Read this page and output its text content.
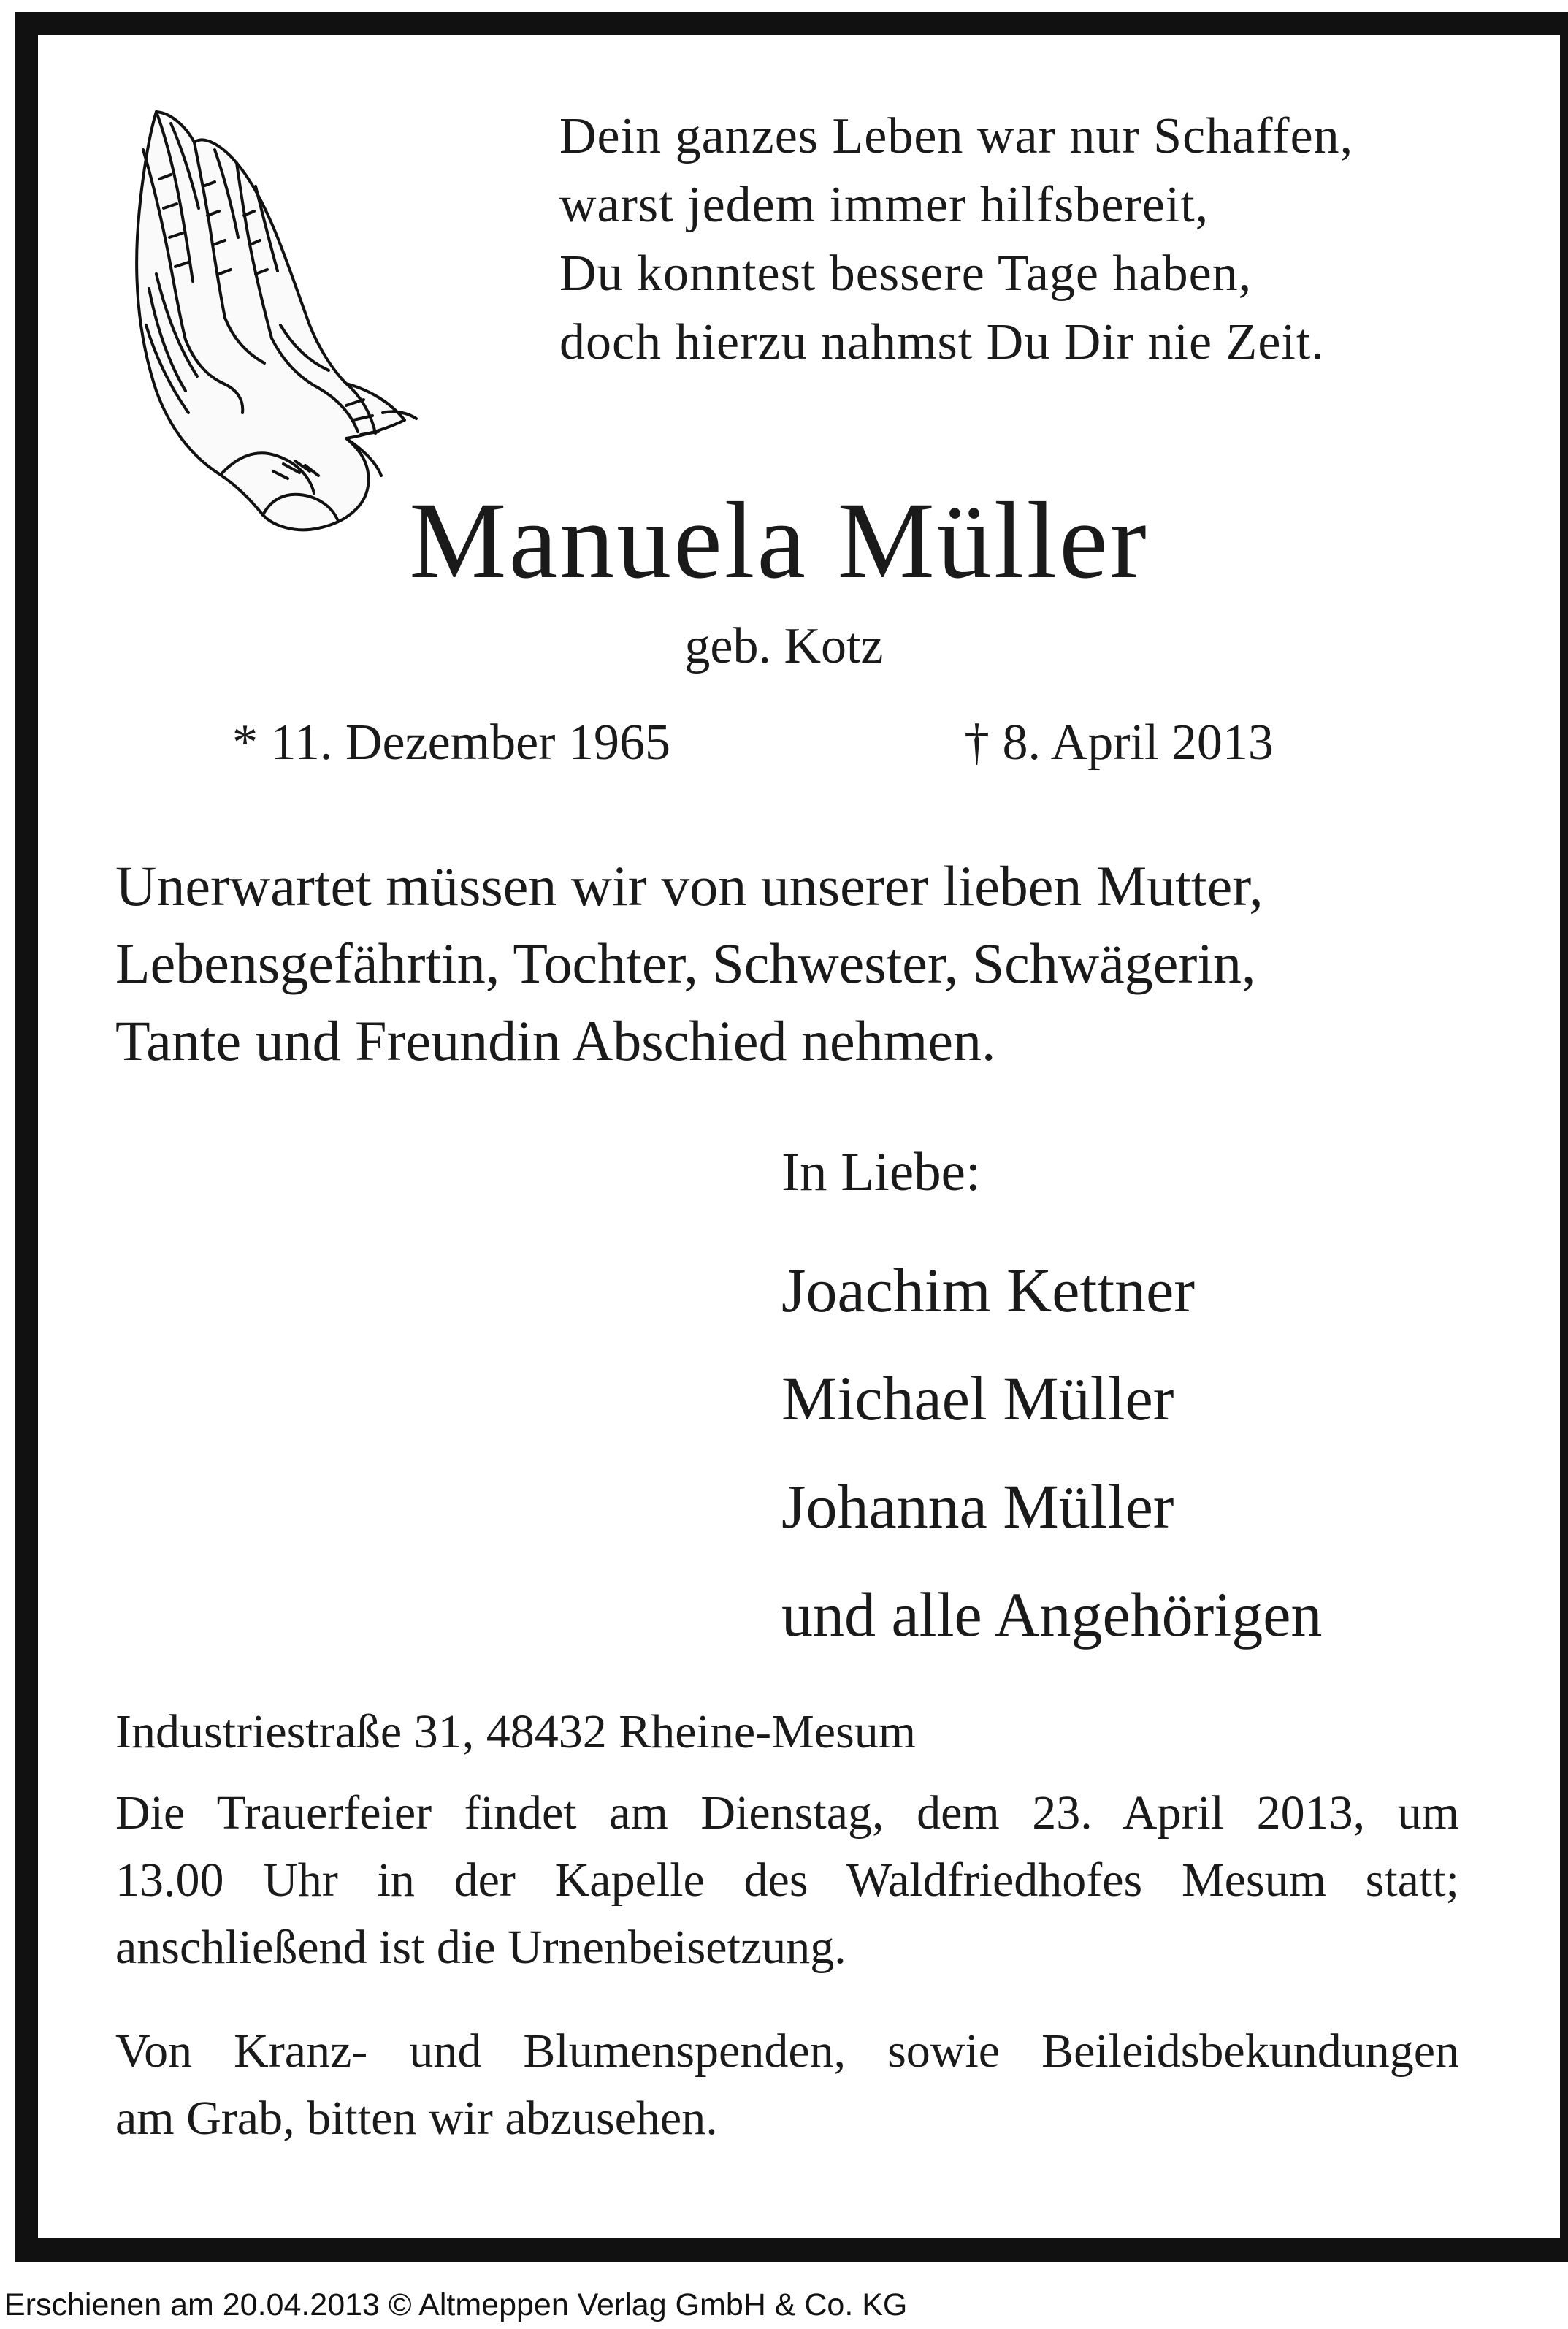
Dein ganzes Leben war nur Schaffen,
warst jedem immer hilfsbereit,
Du konntest bessere Tage haben,
doch hierzu nahmst Du Dir nie Zeit.
Manuela Müller
geb. Kotz
* 11. Dezember 1965	† 8. April 2013
Unerwartet müssen wir von unserer lieben Mutter,
Lebensgefährtin, Tochter, Schwester, Schwägerin,
Tante und Freundin Abschied nehmen.
In Liebe:
Joachim Kettner
Michael Müller
Johanna Müller
und alle Angehörigen
Industriestraße 31, 48432 Rheine-Mesum
Die Trauerfeier findet am Dienstag, dem 23. April 2013, um
13.00 Uhr in der Kapelle des Waldfriedhofes Mesum statt;
anschließend ist die Urnenbeisetzung.
Von Kranz- und Blumenspenden, sowie Beileidsbekundungen
am Grab, bitten wir abzusehen.
Erschienen am 20.04.2013 © Altmeppen Verlag GmbH & Co. KG
